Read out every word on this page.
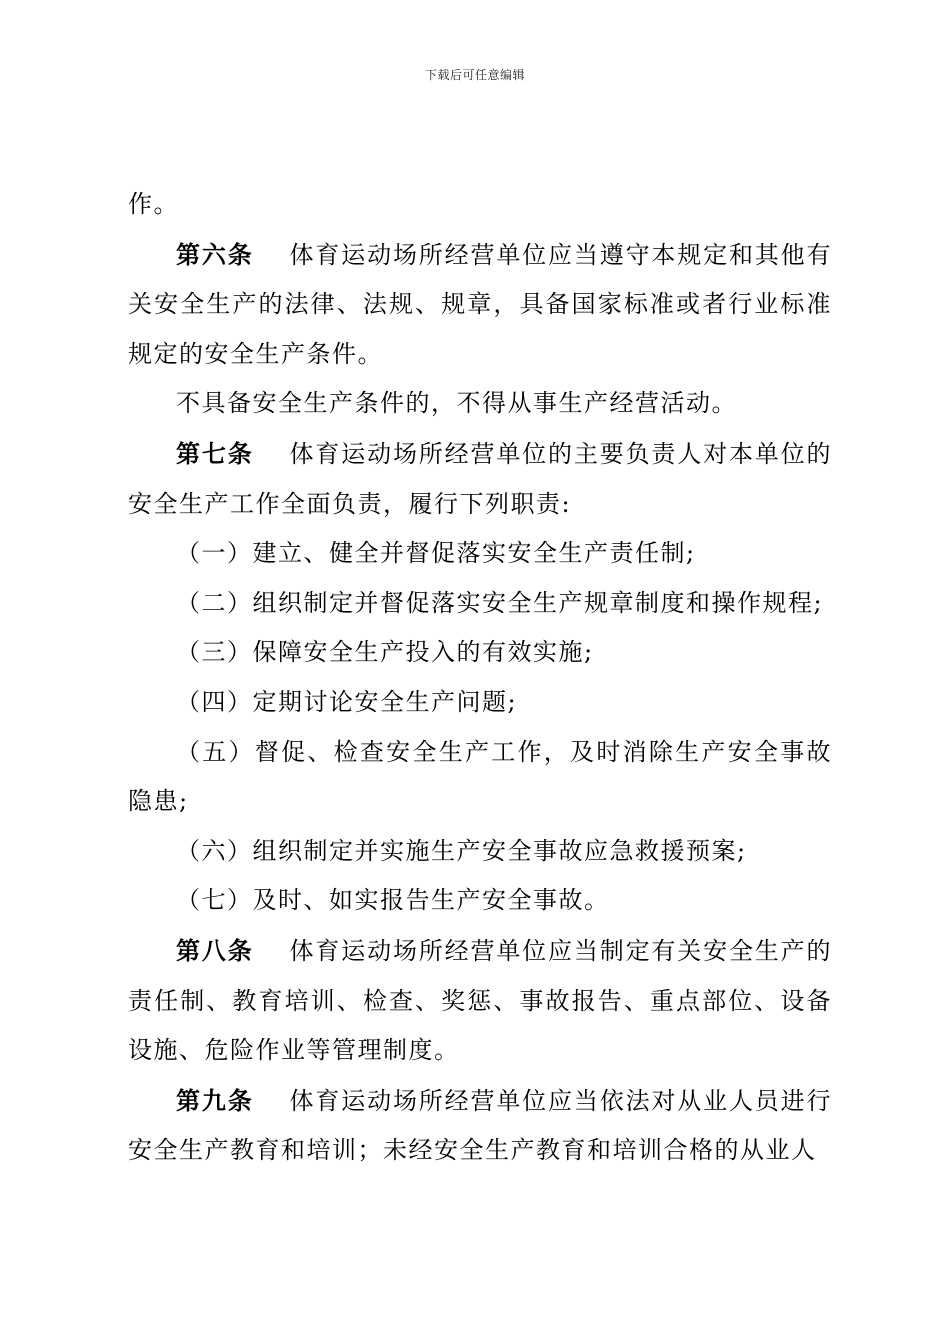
下载后可任意编辑

作。

第六条 体育运动场所经营单位应当遵守本规定和其他有关安全生产的法律、法规、规章，具备国家标准或者行业标准规定的安全生产条件。

不具备安全生产条件的，不得从事生产经营活动。

第七条 体育运动场所经营单位的主要负责人对本单位的安全生产工作全面负责，履行下列职责:

（一）建立、健全并督促落实安全生产责任制;

（二）组织制定并督促落实安全生产规章制度和操作规程;

（三）保障安全生产投入的有效实施;

（四）定期讨论安全生产问题;

（五）督促、检查安全生产工作，及时消除生产安全事故隐患;

（六）组织制定并实施生产安全事故应急救援预案;

（七）及时、如实报告生产安全事故。

第八条 体育运动场所经营单位应当制定有关安全生产的责任制、教育培训、检查、奖惩、事故报告、重点部位、设备设施、危险作业等管理制度。

第九条 体育运动场所经营单位应当依法对从业人员进行安全生产教育和培训；未经安全生产教育和培训合格的从业人
